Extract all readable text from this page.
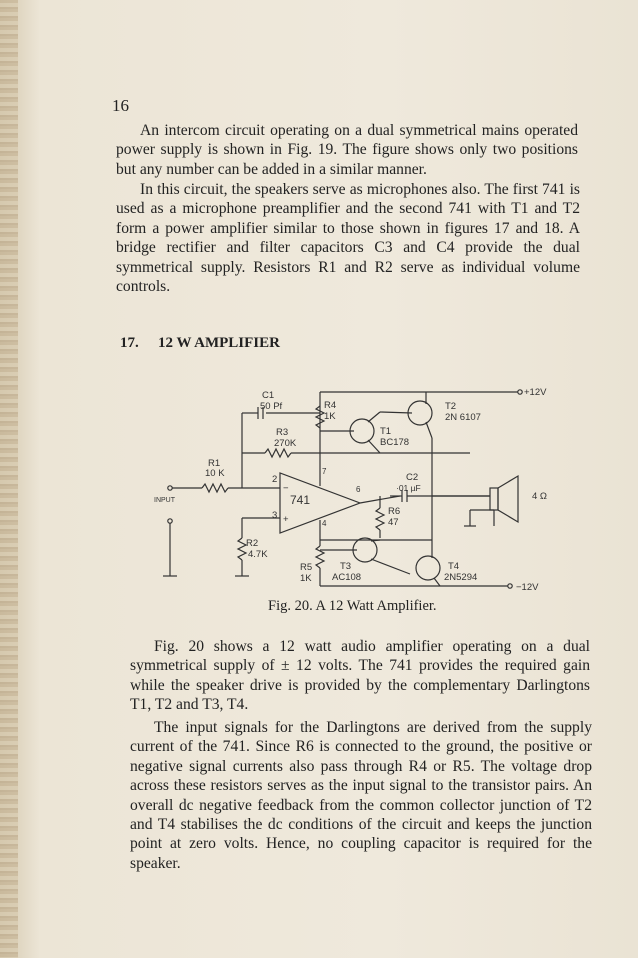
16

An intercom circuit operating on a dual symmetrical mains operated power supply is shown in Fig. 19. The figure shows only two positions but any number can be added in a similar manner.

In this circuit, the speakers serve as microphones also. The first 741 is used as a microphone preamplifier and the second 741 with T1 and T2 form a power amplifier similar to those shown in figures 17 and 18. A bridge rectifier and filter capacitors C3 and C4 provide the dual symmetrical supply. Resistors R1 and R2 serve as individual volume controls.

17. 12 W AMPLIFIER
C1
50 Pf	R4
1K
T1
BC178
T2
2N 6107
+12V
R3
270K
R1
10 K
INPUT	741
2
3
4
6
7
−
+
C2
·01 µF
R6
47
R2
4.7K
R5
1K
T3
AC108
T4
2N5294
−12V
4 Ω
Fig. 20. A 12 Watt Amplifier.

Fig. 20 shows a 12 watt audio amplifier operating on a dual symmetrical supply of ± 12 volts. The 741 provides the required gain while the speaker drive is provided by the complementary Darlingtons T1, T2 and T3, T4.

The input signals for the Darlingtons are derived from the supply current of the 741. Since R6 is connected to the ground, the positive or negative signal currents also pass through R4 or R5. The voltage drop across these resistors serves as the input signal to the transistor pairs. An overall dc negative feedback from the common collector junction of T2 and T4 stabilises the dc conditions of the circuit and keeps the junction point at zero volts. Hence, no coupling capacitor is required for the speaker.
